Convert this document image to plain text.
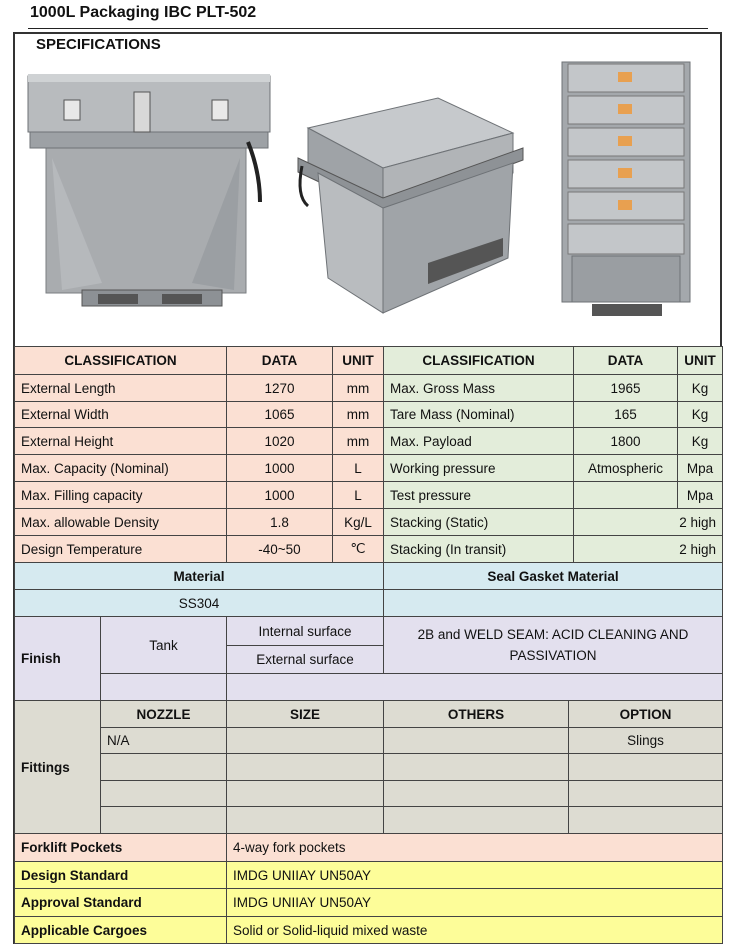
1000L Packaging IBC PLT-502
SPECIFICATIONS
CLASSIFICATION	DATA	UNIT	CLASSIFICATION	DATA	UNIT
External Length	1270	mm	Max. Gross Mass	1965	Kg
External Width	1065	mm	Tare Mass (Nominal)	165	Kg
External Height	1020	mm	Max. Payload	1800	Kg
Max. Capacity (Nominal)	1000	L	Working pressure	Atmospheric	Mpa
Max. Filling capacity	1000	L	Test pressure		Mpa
Max. allowable Density	1.8	Kg/L	Stacking (Static)	2 high	
Design Temperature	-40~50	℃	Stacking (In transit)	2 high	
Material	Seal Gasket Material
SS304	
Finish	Tank	Internal surface	2B and WELD SEAM: ACID CLEANING AND PASSIVATION
		External surface	

Fittings	NOZZLE	SIZE	OTHERS	OPTION
	N/A			Slings

Forklift Pockets	4-way fork pockets
Design Standard	IMDG UNIIAY UN50AY
Approval Standard	IMDG UNIIAY UN50AY
Applicable Cargoes	Solid or Solid-liquid mixed waste
